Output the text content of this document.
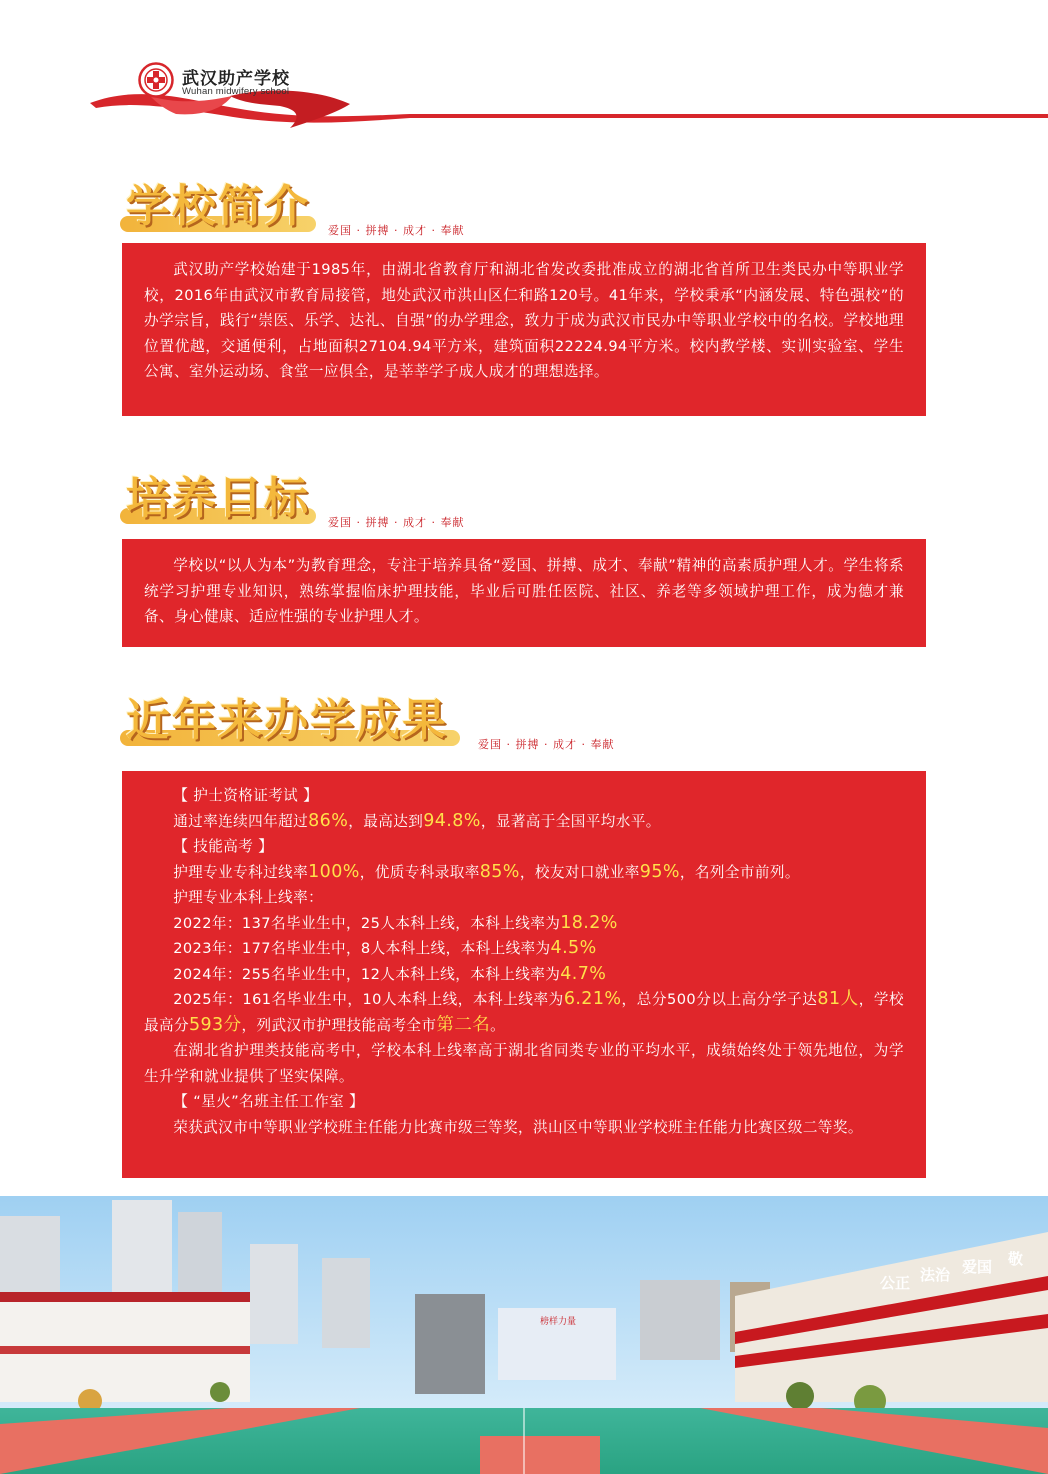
武汉助产学校
Wuhan midwifery school
学校简介 爱国 · 拼搏 · 成才 · 奉献

武汉助产学校始建于1985年，由湖北省教育厅和湖北省发改委批准成立的湖北省首所卫生类民办中等职业学校，2016年由武汉市教育局接管，地处武汉市洪山区仁和路120号。41年来，学校秉承“内涵发展、特色强校”的办学宗旨，践行“崇医、乐学、达礼、自强”的办学理念，致力于成为武汉市民办中等职业学校中的名校。学校地理位置优越，交通便利，占地面积27104.94平方米，建筑面积22224.94平方米。校内教学楼、实训实验室、学生公寓、室外运动场、食堂一应俱全，是莘莘学子成人成才的理想选择。

培养目标 爱国 · 拼搏 · 成才 · 奉献

学校以“以人为本”为教育理念，专注于培养具备“爱国、拼搏、成才、奉献”精神的高素质护理人才。学生将系统学习护理专业知识，熟练掌握临床护理技能，毕业后可胜任医院、社区、养老等多领域护理工作，成为德才兼备、身心健康、适应性强的专业护理人才。

近年来办学成果	爱国 · 拼搏 · 成才 · 奉献

【 护士资格证考试 】

通过率连续四年超过86%，最高达到94.8%，显著高于全国平均水平。

【 技能高考 】

护理专业专科过线率100%，优质专科录取率85%，校友对口就业率95%，名列全市前列。

护理专业本科上线率：

2022年：137名毕业生中，25人本科上线，本科上线率为18.2%

2023年：177名毕业生中，8人本科上线，本科上线率为4.5%

2024年：255名毕业生中，12人本科上线，本科上线率为4.7%

2025年：161名毕业生中，10人本科上线，本科上线率为6.21%，总分500分以上高分学子达81人，学校最高分593分，列武汉市护理技能高考全市第二名。

在湖北省护理类技能高考中，学校本科上线率高于湖北省同类专业的平均水平，成绩始终处于领先地位，为学生升学和就业提供了坚实保障。

【 “星火”名班主任工作室 】

荣获武汉市中等职业学校班主任能力比赛市级三等奖，洪山区中等职业学校班主任能力比赛区级二等奖。

榜样力量
公正 法治 爱国 敬
